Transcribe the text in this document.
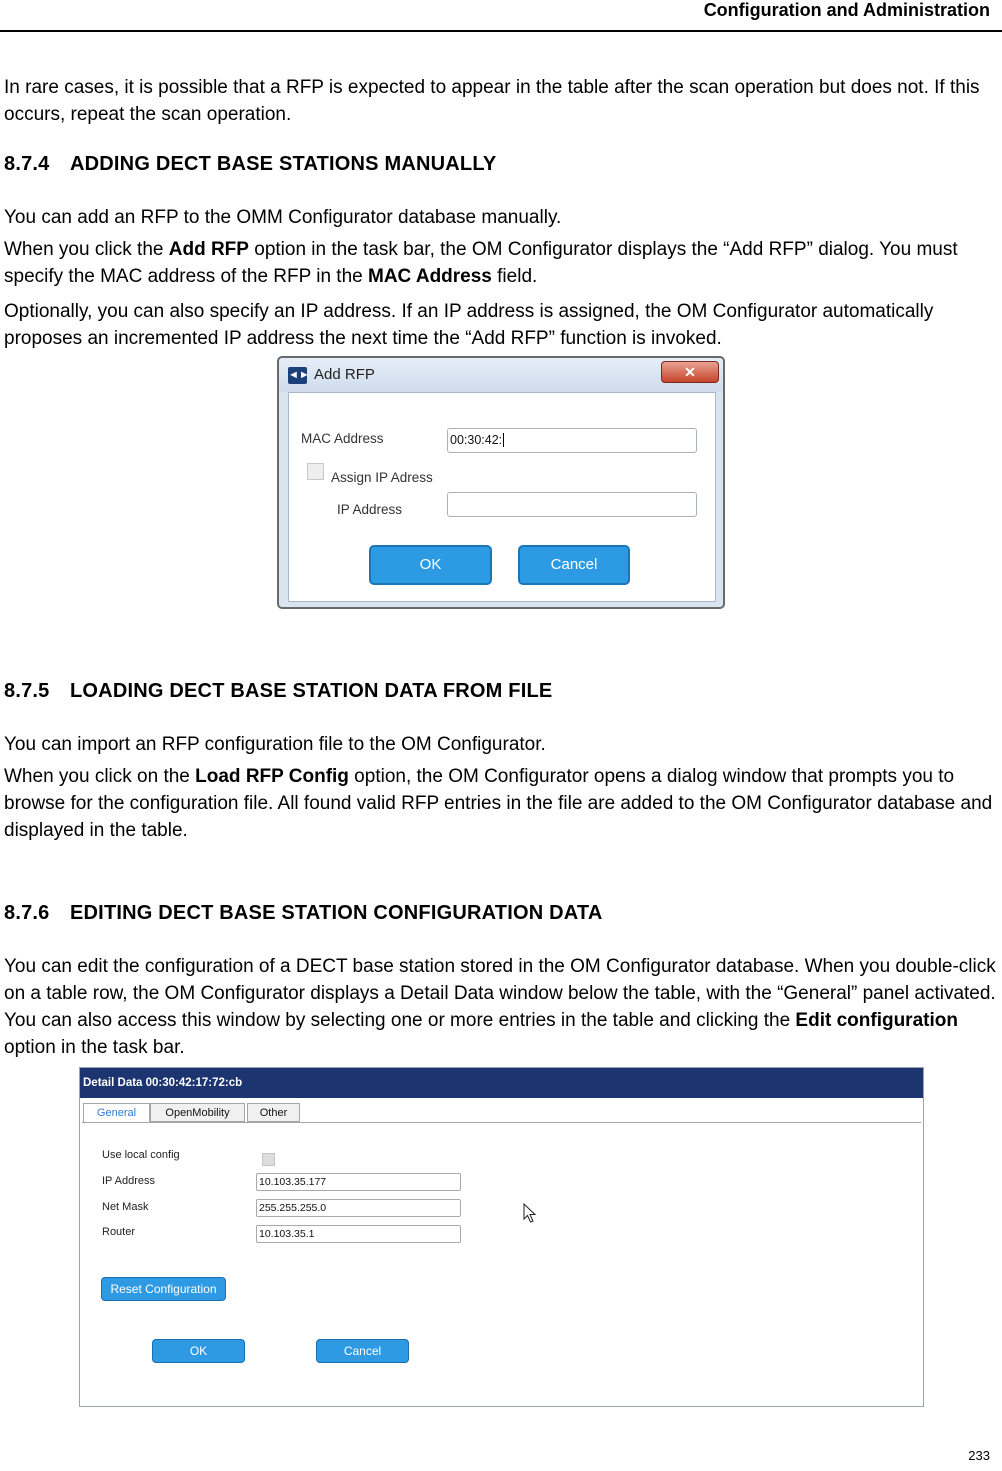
Configuration and Administration
In rare cases, it is possible that a RFP is expected to appear in the table after the scan operation but does not. If this occurs, repeat the scan operation.
8.7.4 ADDING DECT BASE STATIONS MANUALLY
You can add an RFP to the OMM Configurator database manually.
When you click the Add RFP option in the task bar, the OM Configurator displays the “Add RFP” dialog. You must specify the MAC address of the RFP in the MAC Address field.
Optionally, you can also specify an IP address. If an IP address is assigned, the OM Configurator automatically proposes an incremented IP address the next time the “Add RFP” function is invoked.
◄► Add RFP	✕
MAC Address	00:30:42:
Assign IP Adress
IP Address
OK	Cancel
8.7.5 LOADING DECT BASE STATION DATA FROM FILE
You can import an RFP configuration file to the OM Configurator.
When you click on the Load RFP Config option, the OM Configurator opens a dialog window that prompts you to browse for the configuration file. All found valid RFP entries in the file are added to the OM Configurator database and displayed in the table.
8.7.6 EDITING DECT BASE STATION CONFIGURATION DATA
You can edit the configuration of a DECT base station stored in the OM Configurator database. When you double-click on a table row, the OM Configurator displays a Detail Data window below the table, with the “General” panel activated. You can also access this window by selecting one or more entries in the table and clicking the Edit configuration option in the task bar.
Detail Data 00:30:42:17:72:cb
General	OpenMobility	Other
Use local config
IP Address	10.103.35.177
Net Mask	255.255.255.0
Router	10.103.35.1
Reset Configuration
OK	Cancel
233
